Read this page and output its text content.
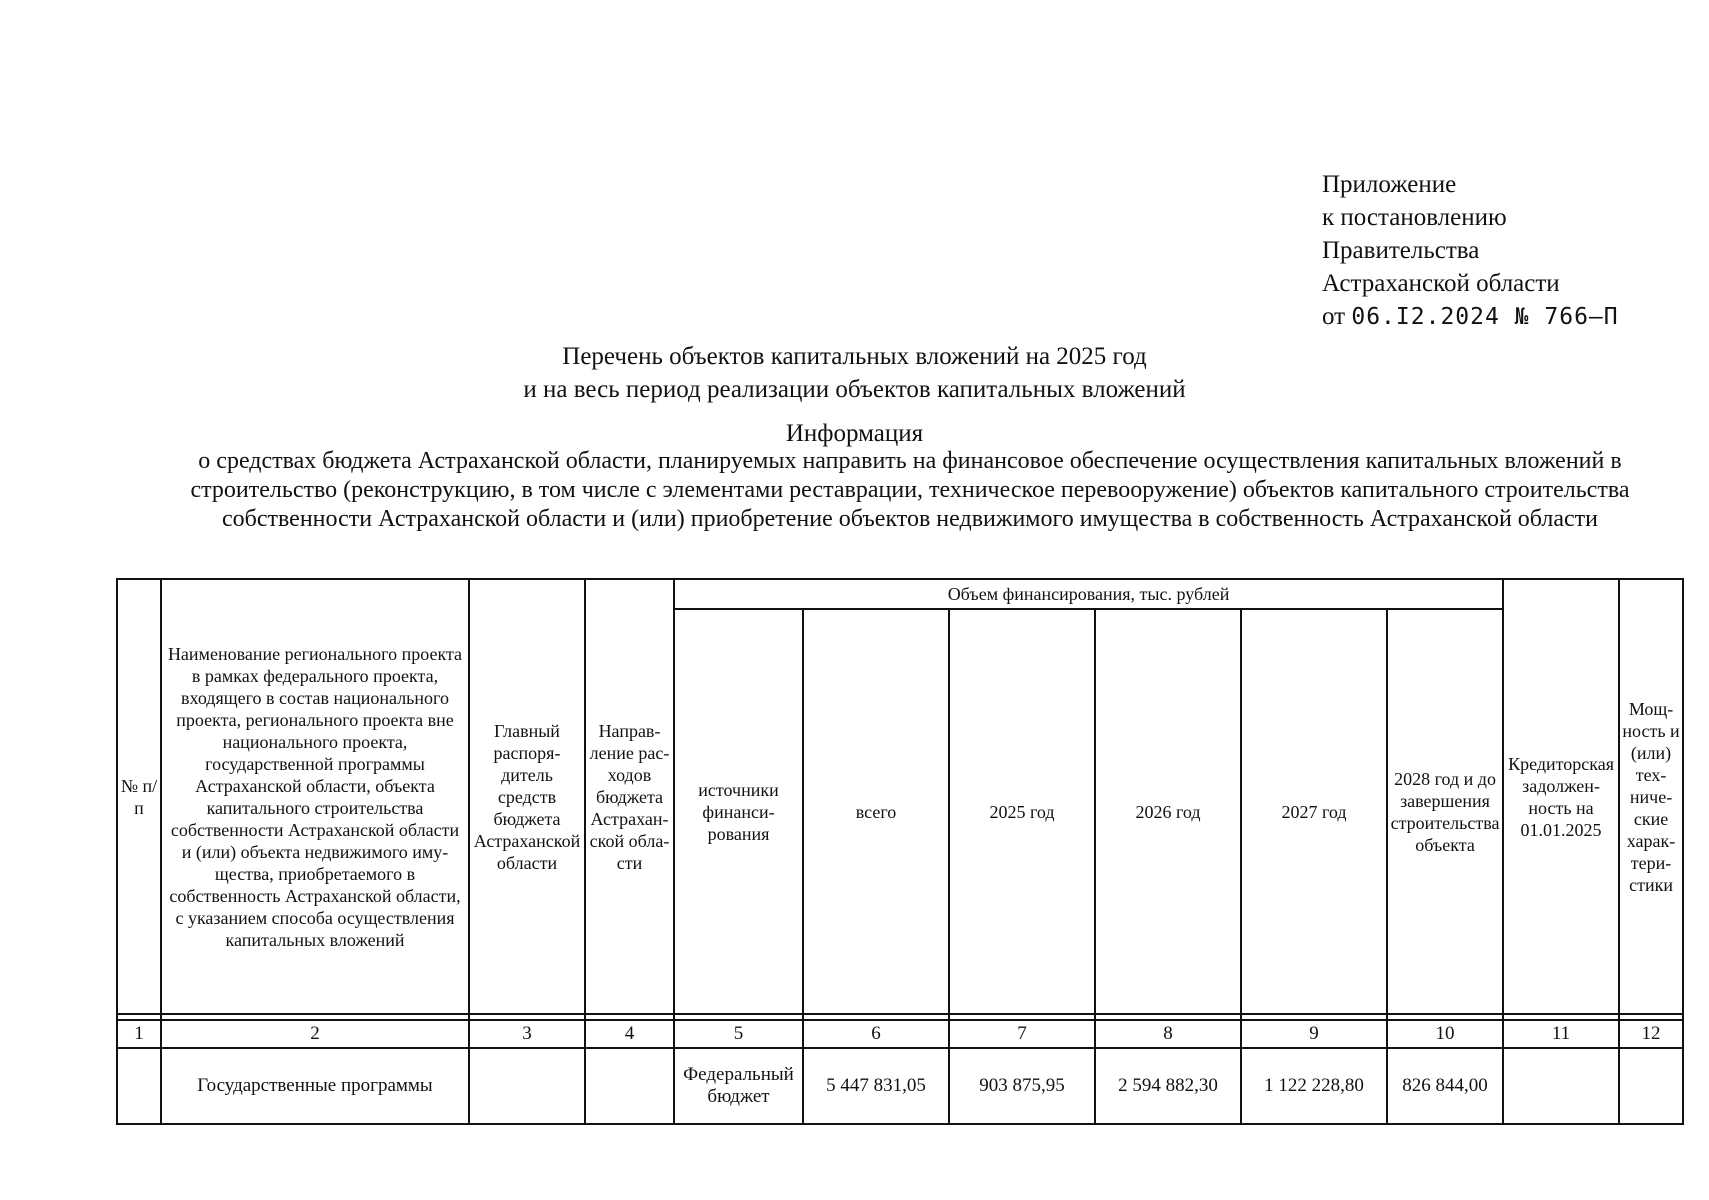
Приложение
к постановлению
Правительства
Астраханской области
от 06.I2.2024 № 766–П
Перечень объектов капитальных вложений на 2025 год
и на весь период реализации объектов капитальных вложений
Информация
о средствах бюджета Астраханской области, планируемых направить на финансовое обеспечение осуществления капитальных вложений в строительство (реконструкцию, в том числе с элементами реставрации, техническое перевооружение) объектов капитального строительства собственности Астраханской области и (или) приобретение объектов недвижимого имущества в собственность Астраханской области
№ п/п	Наименование регионального проекта в рамках федерального проекта, входящего в состав национального проекта, регионального проекта вне национального проекта, государственной программы Астраханской области, объекта капитального строительства собственности Астраханской области и (или) объекта недвижимого имущества, приобретаемого в собственность Астраханской области, с указанием способа осуществления капитальных вложений	Главный распорядитель средств бюджета Астраханской области	Направление расходов бюджета Астраханской области	Объем финансирования, тыс. рублей						Кредиторская задолженность на 01.01.2025	Мощность и (или) технические характеристики
				источники финансирования	всего	2025 год	2026 год	2027 год	2028 год и до завершения строительства объекта		

1	2	3	4	5	6	7	8	9	10	11	12
	Государственные программы			Федеральный бюджет	5 447 831,05	903 875,95	2 594 882,30	1 122 228,80	826 844,00		
